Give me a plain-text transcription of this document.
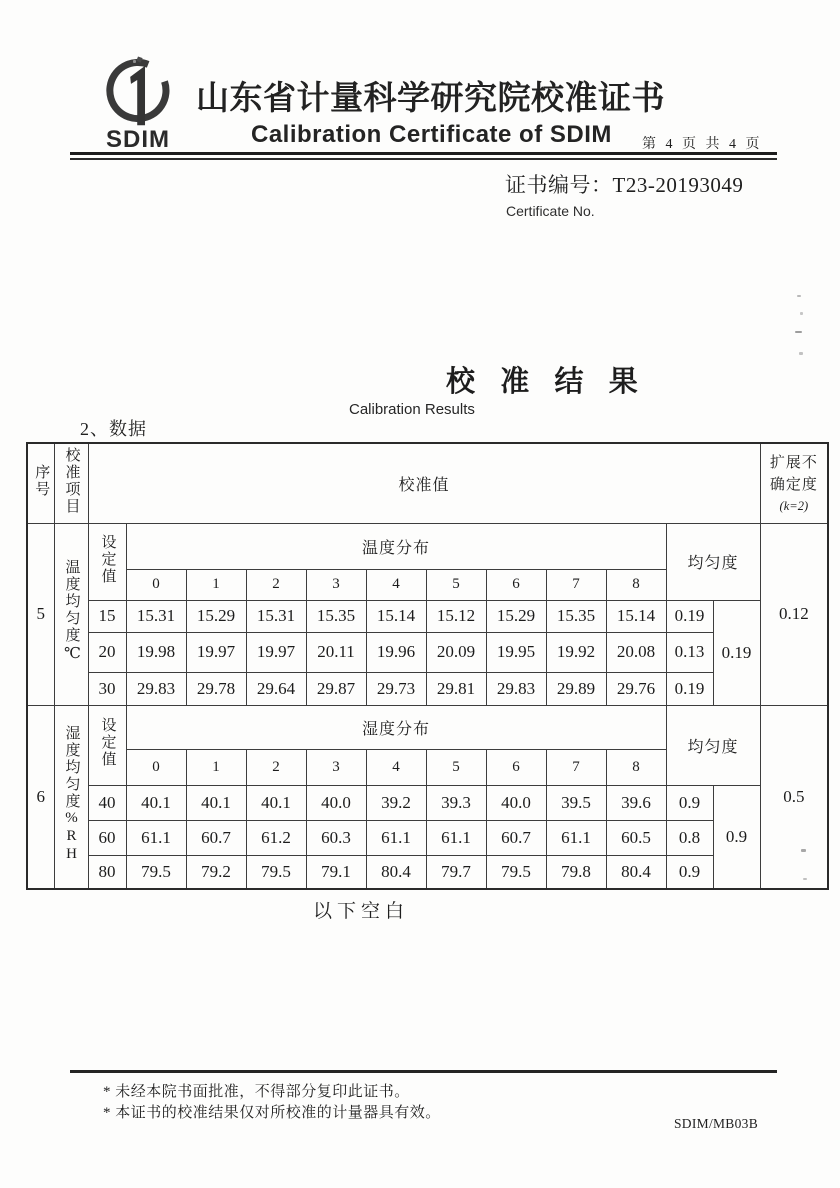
SDIM
山东省计量科学研究院校准证书
Calibration Certificate of SDIM 第 4 页 共 4 页
证书编号：T23-20193049
Certificate No.
校 准 结 果
Calibration Results
2、数据
序号	校准项目	校准值												扩展不确定度
(k=2)

5	温度均匀度℃	设定值	温度分布									均匀度		0.12
			0	1	2	3	4	5	6	7	8			
		15	15.31	15.29	15.31	15.35	15.14	15.12	15.29	15.35	15.14	0.19	0.19	
		20	19.98	19.97	19.97	20.11	19.96	20.09	19.95	19.92	20.08	0.13		
		30	29.83	29.78	29.64	29.87	29.73	29.81	29.83	29.89	29.76	0.19		
6	湿度均匀度%RH	设定值	湿度分布									均匀度		0.5
			0	1	2	3	4	5	6	7	8			
		40	40.1	40.1	40.1	40.0	39.2	39.3	40.0	39.5	39.6	0.9	0.9	
		60	61.1	60.7	61.2	60.3	61.1	61.1	60.7	61.1	60.5	0.8		
		80	79.5	79.2	79.5	79.1	80.4	79.7	79.5	79.8	80.4	0.9		
以下空白
* 未经本院书面批准，不得部分复印此证书。
* 本证书的校准结果仅对所校准的计量器具有效。
SDIM/MB03B
